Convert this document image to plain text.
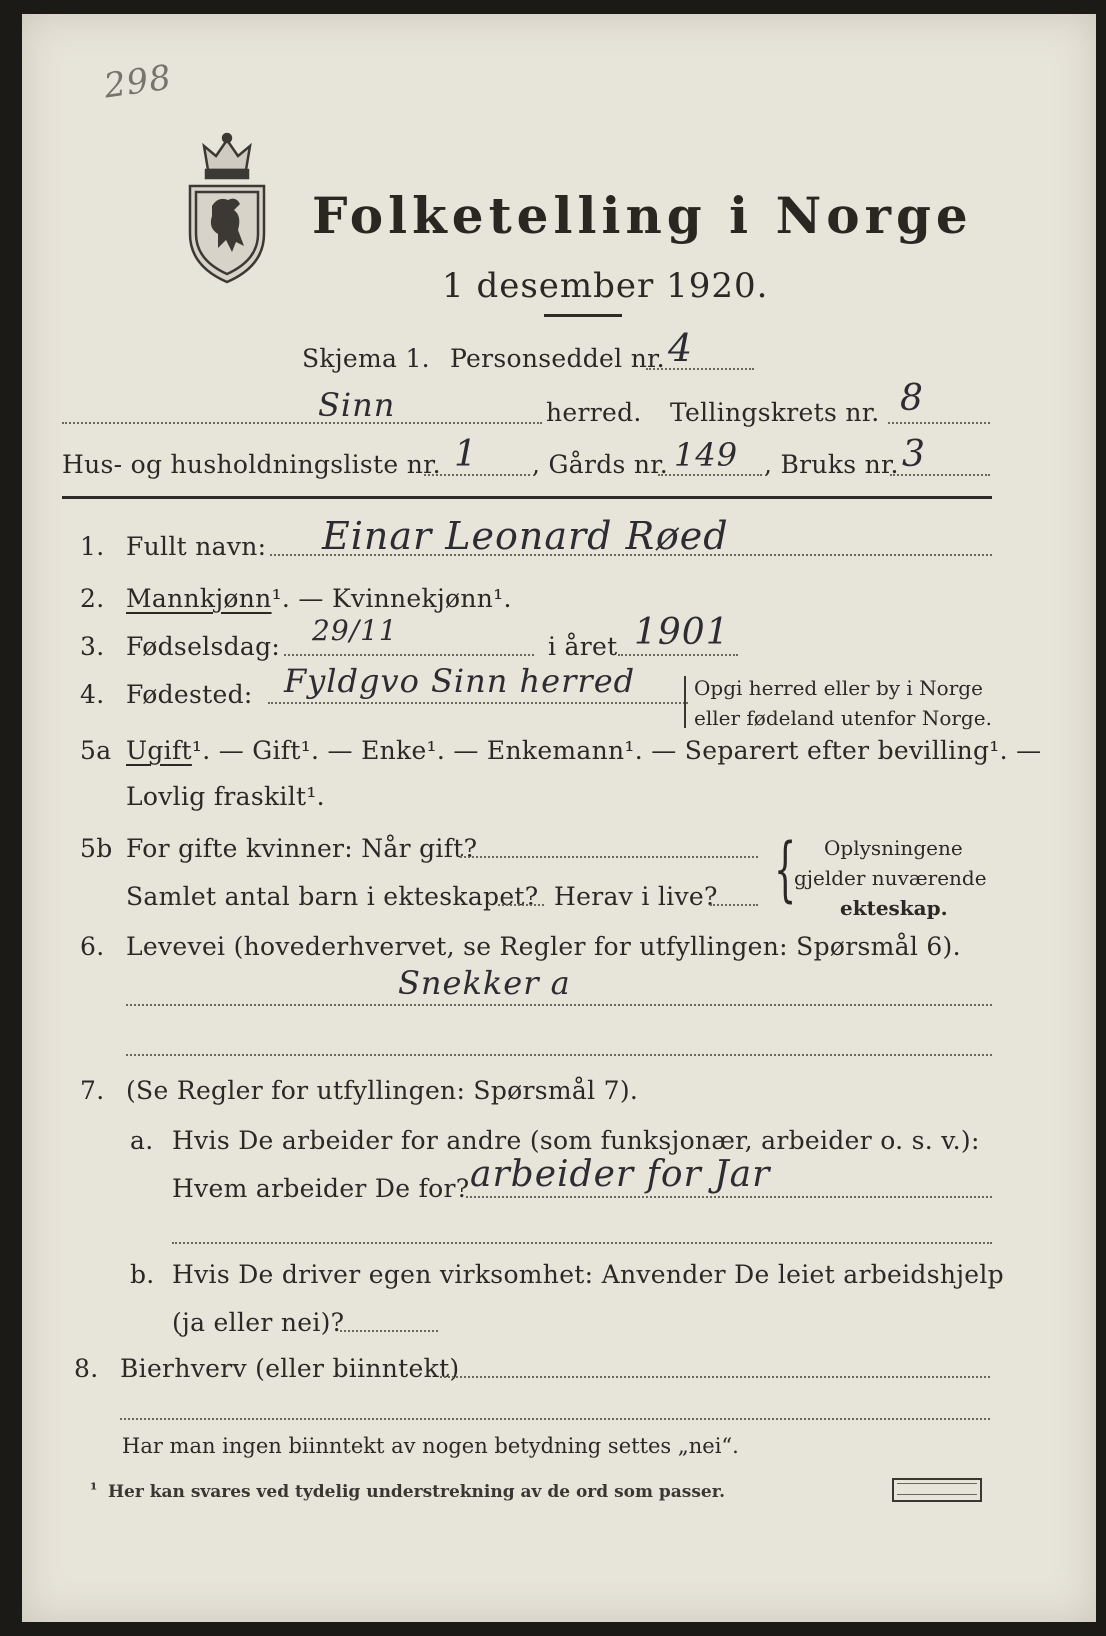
298
Folketelling i Norge
1 desember 1920.
Skjema 1. Personseddel nr. 4
Sinn	herred. Tellingskrets nr. 8
Hus- og husholdningsliste nr. 1 , Gårds nr. 149 , Bruks nr. 3
1. Fullt navn: Einar Leonard Røed
2. Mannkjønn¹. — Kvinnekjønn¹.
3. Fødselsdag: 29/11	i året 1901
4. Fødested: Fyldgvo Sinn herred	Opgi herred eller by i Norge
eller fødeland utenfor Norge.
5a Ugift¹. — Gift¹. — Enke¹. — Enkemann¹. — Separert efter bevilling¹. —
Lovlig fraskilt¹.
5b For gifte kvinner: Når gift?
Samlet antal barn i ekteskapet? Herav i live? { Oplysningene
gjelder nuværende
ekteskap.
6. Levevei (hovederhvervet, se Regler for utfyllingen: Spørsmål 6).
Snekker a
7. (Se Regler for utfyllingen: Spørsmål 7).
a. Hvis De arbeider for andre (som funksjonær, arbeider o. s. v.):
Hvem arbeider De for? arbeider for Jar
b. Hvis De driver egen virksomhet: Anvender De leiet arbeidshjelp
(ja eller nei)?
8. Bierhverv (eller biinntekt)
Har man ingen biinntekt av nogen betydning settes „nei“.
¹ Her kan svares ved tydelig understrekning av de ord som passer.
